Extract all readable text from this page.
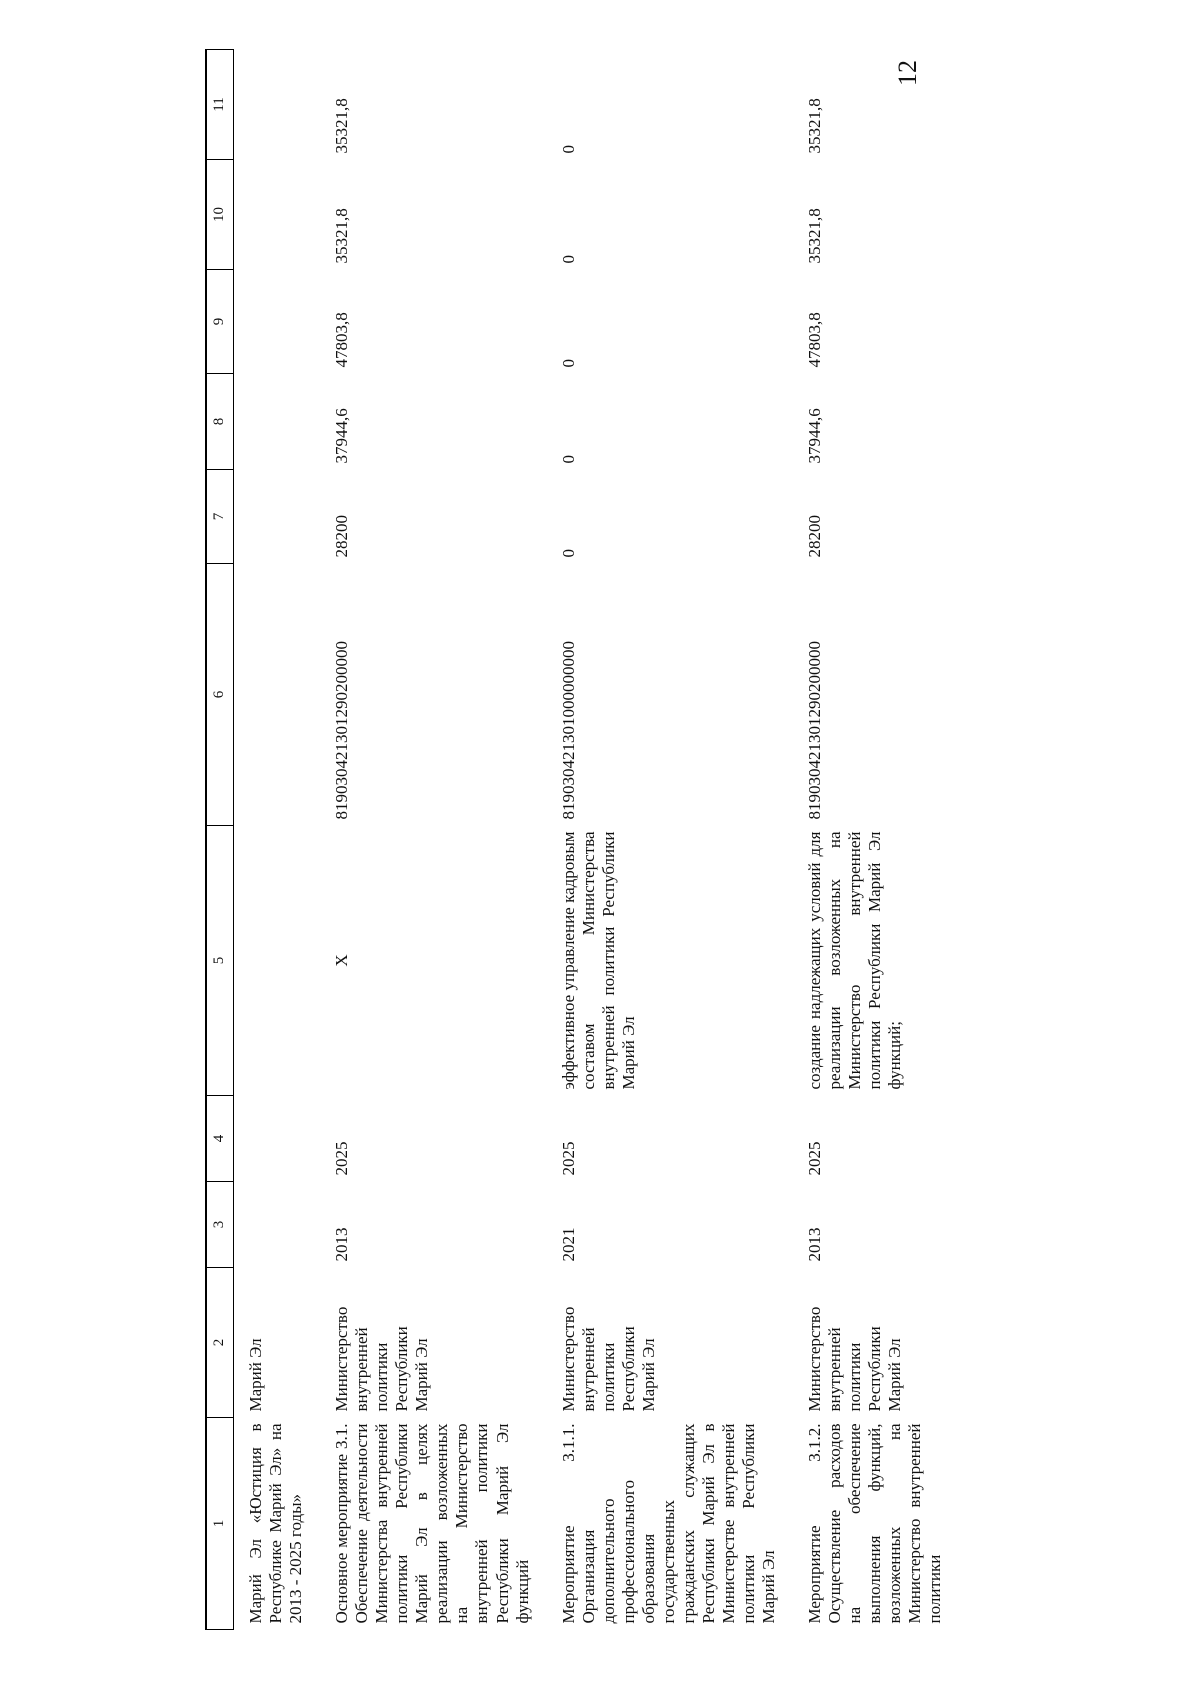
12
1	2	3	4	5	6	7	8	9	10	11
Марий Эл «Юстиция в Республике Марий Эл» на 2013 - 2025 годы»	Марий Эл									
Основное мероприятие 3.1. Обеспечение деятельности Министерства внутренней политики Республики Марий Эл в целях реализации возложенных на Министерство внутренней политики Республики Марий Эл функций	Министерство внутренней политики Республики Марий Эл	2013	2025	Х	819030421301290200000	28200	37944,6	47803,8	35321,8	35321,8
Мероприятие 3.1.1. Организация дополнительного профессионального образования государственных гражданских служащих Республики Марий Эл в Министерстве внутренней политики Республики Марий Эл	Министерство внутренней политики Республики Марий Эл	2021	2025	эффективное управление кадровым составом Министерства внутренней политики Республики Марий Эл	819030421301000000000	0	0	0	0	0
Мероприятие 3.1.2. Осуществление расходов на обеспечение выполнения функций, возложенных на Министерство внутренней политики	Министерство внутренней политики Республики Марий Эл	2013	2025	создание надлежащих условий для реализации возложенных на Министерство внутренней политики Республики Марий Эл функций;	819030421301290200000	28200	37944,6	47803,8	35321,8	35321,8
